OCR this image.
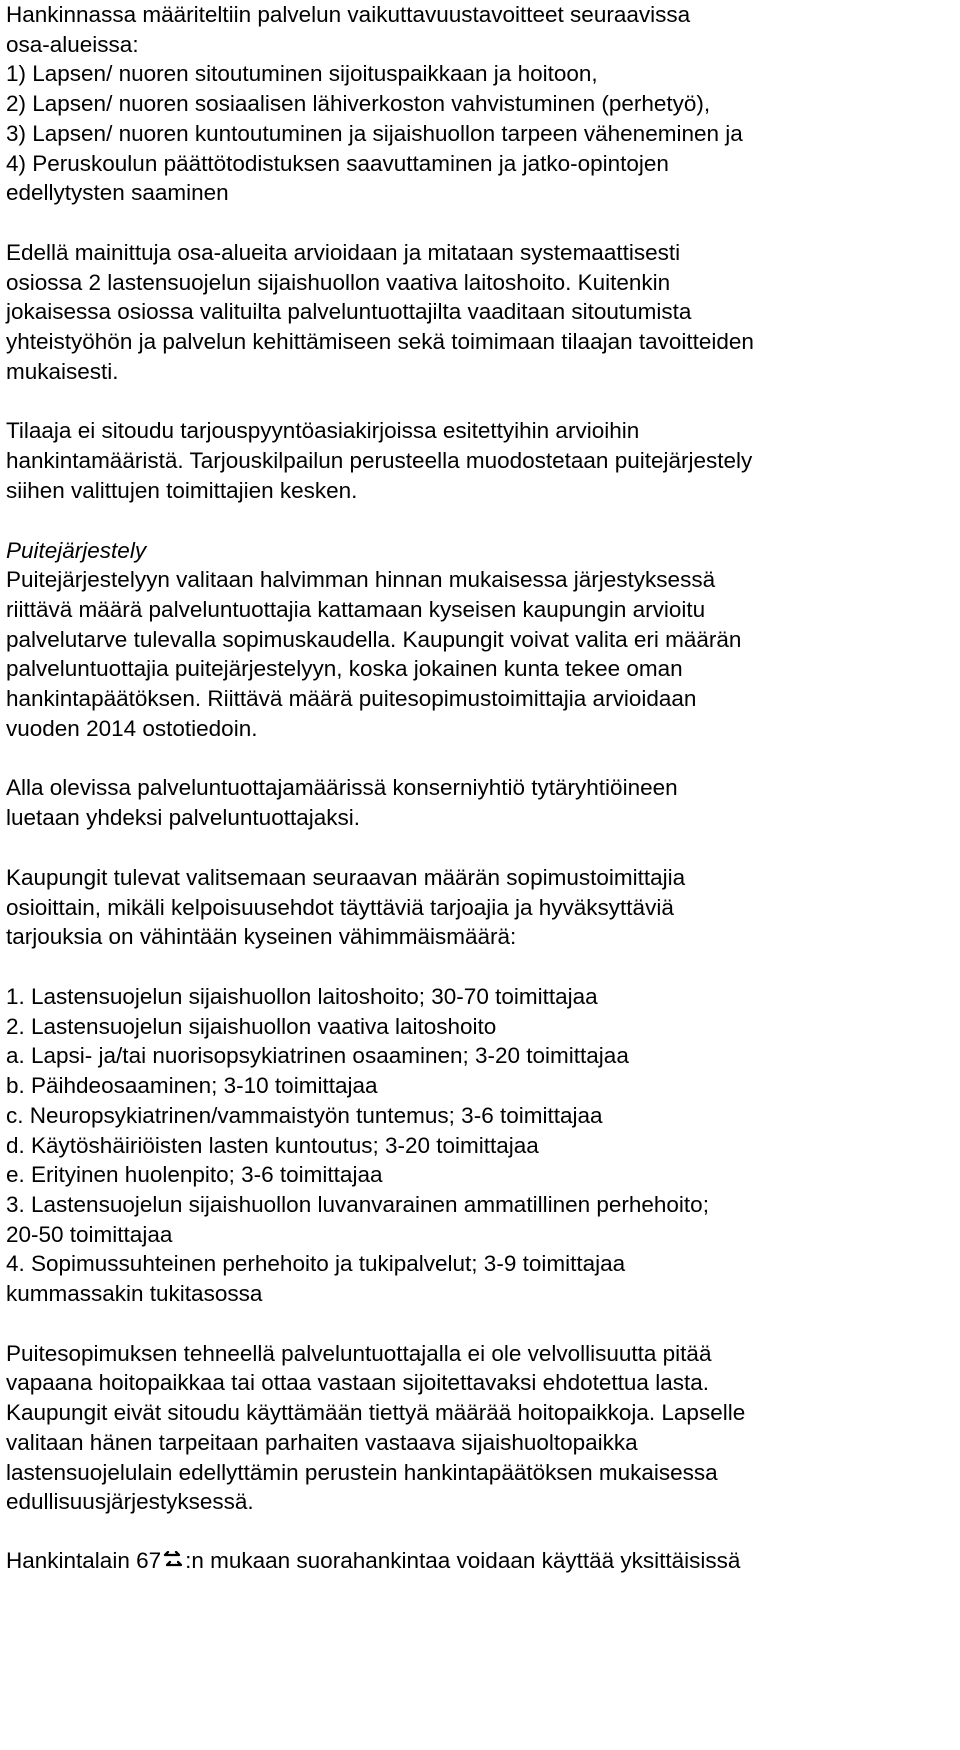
Hankinnassa määriteltiin palvelun vaikuttavuustavoitteet seuraavissa
osa-alueissa:
1) Lapsen/ nuoren sitoutuminen sijoituspaikkaan ja hoitoon,
2) Lapsen/ nuoren sosiaalisen lähiverkoston vahvistuminen (perhetyö),
3) Lapsen/ nuoren kuntoutuminen ja sijaishuollon tarpeen väheneminen ja
4) Peruskoulun päättötodistuksen saavuttaminen ja jatko-opintojen
edellytysten saaminen

Edellä mainittuja osa-alueita arvioidaan ja mitataan systemaattisesti
osiossa 2 lastensuojelun sijaishuollon vaativa laitoshoito. Kuitenkin
jokaisessa osiossa valituilta palveluntuottajilta vaaditaan sitoutumista
yhteistyöhön ja palvelun kehittämiseen sekä toimimaan tilaajan tavoitteiden
mukaisesti.

Tilaaja ei sitoudu tarjouspyyntöasiakirjoissa esitettyihin arvioihin
hankintamääristä. Tarjouskilpailun perusteella muodostetaan puitejärjestely
siihen valittujen toimittajien kesken.

Puitejärjestely

Puitejärjestelyyn valitaan halvimman hinnan mukaisessa järjestyksessä
riittävä määrä palveluntuottajia kattamaan kyseisen kaupungin arvioitu
palvelutarve tulevalla sopimuskaudella. Kaupungit voivat valita eri määrän
palveluntuottajia puitejärjestelyyn, koska jokainen kunta tekee oman
hankintapäätöksen. Riittävä määrä puitesopimustoimittajia arvioidaan
vuoden 2014 ostotiedoin.

Alla olevissa palveluntuottajamäärissä konserniyhtiö tytäryhtiöineen
luetaan yhdeksi palveluntuottajaksi.

Kaupungit tulevat valitsemaan seuraavan määrän sopimustoimittajia
osioittain, mikäli kelpoisuusehdot täyttäviä tarjoajia ja hyväksyttäviä
tarjouksia on vähintään kyseinen vähimmäismäärä:

1. Lastensuojelun sijaishuollon laitoshoito; 30-70 toimittajaa

2. Lastensuojelun sijaishuollon vaativa laitoshoito

a. Lapsi- ja/tai nuorisopsykiatrinen osaaminen; 3-20 toimittajaa

b. Päihdeosaaminen; 3-10 toimittajaa

c. Neuropsykiatrinen/vammaistyön tuntemus; 3-6 toimittajaa

d. Käytöshäiriöisten lasten kuntoutus; 3-20 toimittajaa

e. Erityinen huolenpito; 3-6 toimittajaa

3. Lastensuojelun sijaishuollon luvanvarainen ammatillinen perhehoito;
20-50 toimittajaa

4. Sopimussuhteinen perhehoito ja tukipalvelut; 3-9 toimittajaa
kummassakin tukitasossa

Puitesopimuksen tehneellä palveluntuottajalla ei ole velvollisuutta pitää
vapaana hoitopaikkaa tai ottaa vastaan sijoitettavaksi ehdotettua lasta.
Kaupungit eivät sitoudu käyttämään tiettyä määrää hoitopaikkoja. Lapselle
valitaan hänen tarpeitaan parhaiten vastaava sijaishuoltopaikka
lastensuojelulain edellyttämin perustein hankintapäätöksen mukaisessa
edullisuusjärjestyksessä.

Hankintalain 67 :n mukaan suorahankintaa voidaan käyttää yksittäisissä
